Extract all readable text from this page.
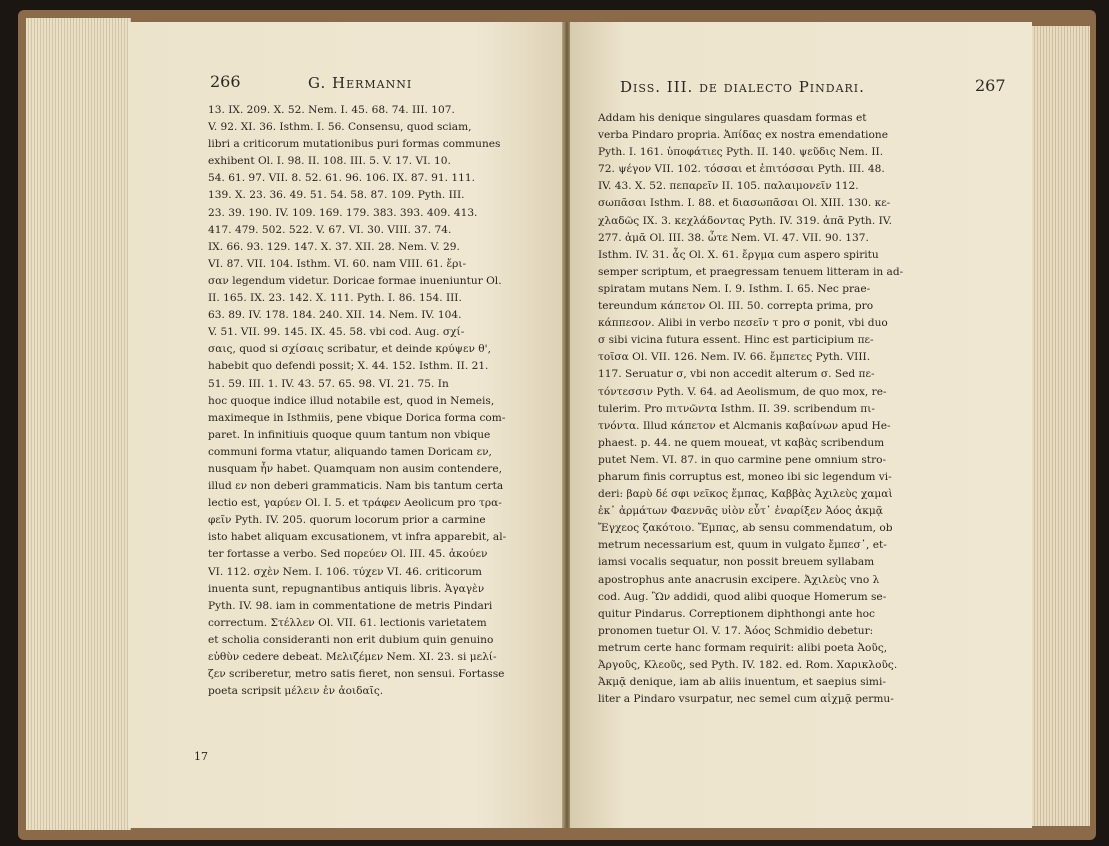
266	G. Hermanni
13. IX. 209. X. 52. Nem. I. 45. 68. 74. III. 107.
V. 92. XI. 36. Isthm. I. 56. Consensu, quod sciam,
libri a criticorum mutationibus puri formas communes
exhibent Ol. I. 98. II. 108. III. 5. V. 17. VI. 10.
54. 61. 97. VII. 8. 52. 61. 96. 106. IX. 87. 91. 111.
139. X. 23. 36. 49. 51. 54. 58. 87. 109. Pyth. III.
23. 39. 190. IV. 109. 169. 179. 383. 393. 409. 413.
417. 479. 502. 522. V. 67. VI. 30. VIII. 37. 74.
IX. 66. 93. 129. 147. X. 37. XII. 28. Nem. V. 29.
VI. 87. VII. 104. Isthm. VI. 60. nam VIII. 61. ἔρι-
σαν legendum videtur. Doricae formae inueniuntur Ol.
II. 165. IX. 23. 142. X. 111. Pyth. I. 86. 154. III.
63. 89. IV. 178. 184. 240. XII. 14. Nem. IV. 104.
V. 51. VII. 99. 145. IX. 45. 58. vbi cod. Aug. σχί-
σαις, quod si σχίσαις scribatur, et deinde κρύψεν θ',
habebit quo defendi possit; X. 44. 152. Isthm. II. 21.
51. 59. III. 1. IV. 43. 57. 65. 98. VI. 21. 75. In
hoc quoque indice illud notabile est, quod in Nemeis,
maximeque in Isthmiis, pene vbique Dorica forma com-
paret. In infinitiuis quoque quum tantum non vbique
communi forma vtatur, aliquando tamen Doricam εν,
nusquam ἦν habet. Quamquam non ausim contendere,
illud εν non deberi grammaticis. Nam bis tantum certa
lectio est, γαρύεν Ol. I. 5. et τράφεν Aeolicum pro τρα-
φεῖν Pyth. IV. 205. quorum locorum prior a carmine
isto habet aliquam excusationem, vt infra apparebit, al-
ter fortasse a verbo. Sed πορεύεν Ol. III. 45. ἀκούεν
VI. 112. σχὲν Nem. I. 106. τύχεν VI. 46. criticorum
inuenta sunt, repugnantibus antiquis libris. Ἀγαγὲν
Pyth. IV. 98. iam in commentatione de metris Pindari
correctum. Στέλλεν Ol. VII. 61. lectionis varietatem
et scholia consideranti non erit dubium quin genuino
εὐθὺν cedere debeat. Μελιζέμεν Nem. XI. 23. si μελί-
ζεν scriberetur, metro satis fieret, non sensui. Fortasse
poeta scripsit μέλειν ἐν ἀοιδαῖς.
17
Diss. III. de dialecto Pindari.	267
Addam his denique singulares quasdam formas et
verba Pindaro propria. Ἀπίδας ex nostra emendatione
Pyth. I. 161. ὑποφάτιες Pyth. II. 140. ψεῦδις Nem. II.
72. ψέγον VII. 102. τόσσαι et ἐπιτόσσαι Pyth. III. 48.
IV. 43. X. 52. πεπαρεῖν II. 105. παλαιμονεῖν 112.
σωπᾶσαι Isthm. I. 88. et διασωπᾶσαι Ol. XIII. 130. κε-
χλαδῶς IX. 3. κεχλάδοντας Pyth. IV. 319. ἀπᾶ Pyth. IV.
277. ἀμᾶ Ol. III. 38. ὦτε Nem. VI. 47. VII. 90. 137.
Isthm. IV. 31. ἆς Ol. X. 61. ἔργμα cum aspero spiritu
semper scriptum, et praegressam tenuem litteram in ad-
spiratam mutans Nem. I. 9. Isthm. I. 65. Nec prae-
tereundum κάπετον Ol. III. 50. correpta prima, pro
κάππεσον. Alibi in verbo πεσεῖν τ pro σ ponit, vbi duo
σ sibi vicina futura essent. Hinc est participium πε-
τοῖσα Ol. VII. 126. Nem. IV. 66. ἔμπετες Pyth. VIII.
117. Seruatur σ, vbi non accedit alterum σ. Sed πε-
τόντεσσιν Pyth. V. 64. ad Aeolismum, de quo mox, re-
tulerim. Pro πιτνῶντα Isthm. II. 39. scribendum πι-
τνόντα. Illud κάπετον et Alcmanis καβαίνων apud He-
phaest. p. 44. ne quem moueat, vt καβὰς scribendum
putet Nem. VI. 87. in quo carmine pene omnium stro-
pharum finis corruptus est, moneo ibi sic legendum vi-
deri: βαρὺ δέ σφι νεῖκος ἔμπας, Καββὰς Ἀχιλεὺς χαμαὶ
ἐκ᾽ ἁρμάτων Φαεννᾶς υἱὸν εὖτ᾽ ἐναρίξεν Ἀόος ἀκμᾷ
Ἔγχεος ζακότοιο. Ἔμπας, ab sensu commendatum, ob
metrum necessarium est, quum in vulgato ἔμπεσ᾽, et-
iamsi vocalis sequatur, non possit breuem syllabam
apostrophus ante anacrusin excipere. Ἀχιλεὺς vno λ
cod. Aug. Ὢν addidi, quod alibi quoque Homerum se-
quitur Pindarus. Correptionem diphthongi ante hoc
pronomen tuetur Ol. V. 17. Ἀόος Schmidio debetur:
metrum certe hanc formam requirit: alibi poeta Ἀοῦς,
Ἀργοῦς, Κλεοῦς, sed Pyth. IV. 182. ed. Rom. Χαρικλοῦς.
Ἀκμᾷ denique, iam ab aliis inuentum, et saepius simi-
liter a Pindaro vsurpatur, nec semel cum αἰχμᾷ permu-
